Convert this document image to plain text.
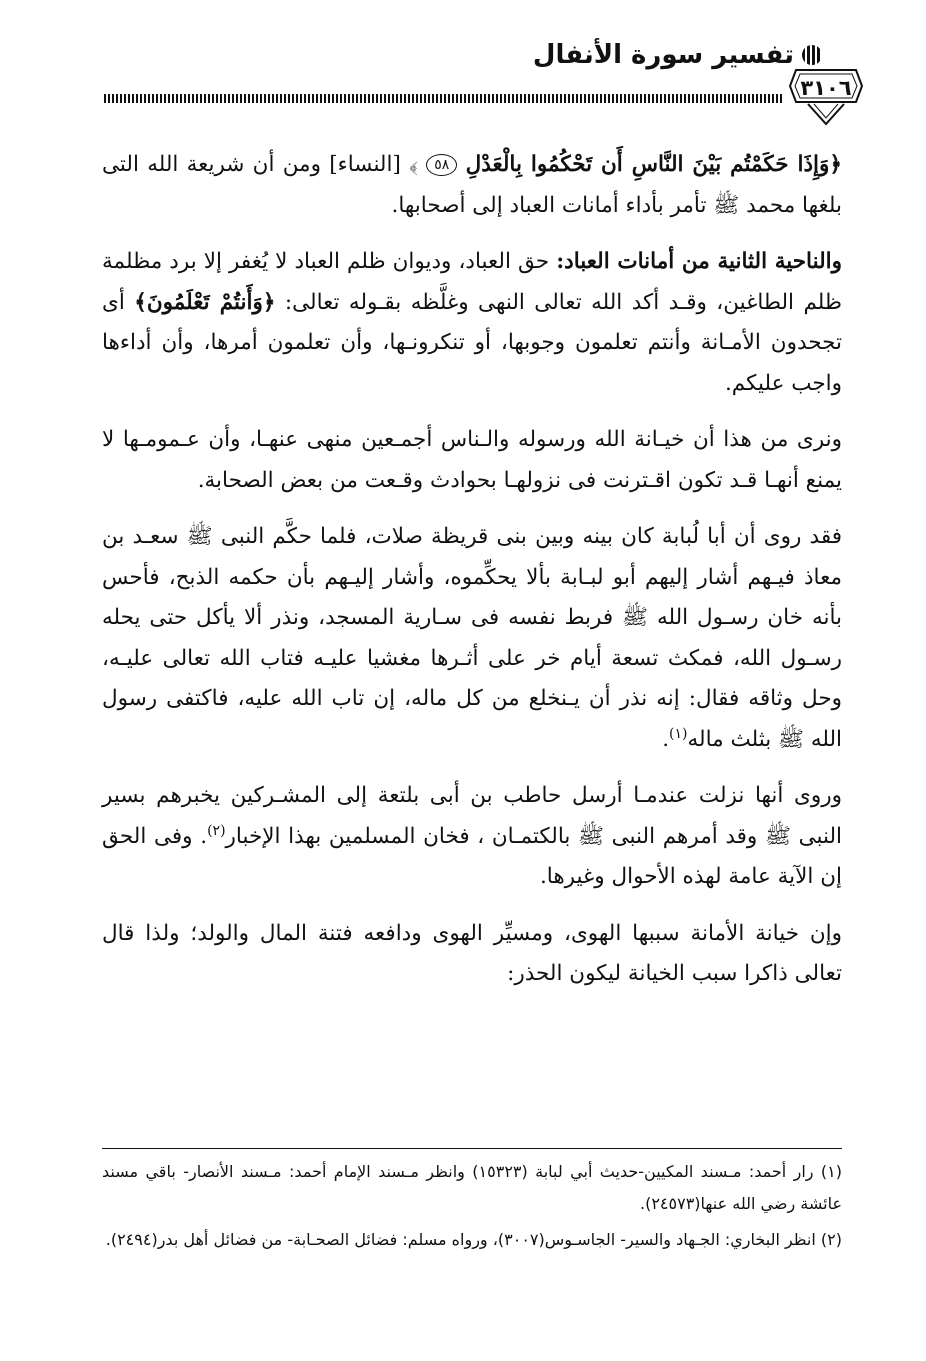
تفسير سورة الأنفال
٣١٠٦

﴿وَإِذَا حَكَمْتُم بَيْنَ النَّاسِ أَن تَحْكُمُوا بِالْعَدْلِ ٥٨ ﴾ [النساء] ومن أن شريعة الله التى بلغها محمد ﷺ تأمر بأداء أمانات العباد إلى أصحابها.

والناحية الثانية من أمانات العباد: حق العباد، وديوان ظلم العباد لا يُغفر إلا برد مظلمة ظلم الطاغين، وقـد أكد الله تعالى النهى وغلَّظه بقـوله تعالى: ﴿وَأَنتُمْ تَعْلَمُونَ﴾ أى تجحدون الأمـانة وأنتم تعلمون وجوبها، أو تنكرونـها، وأن تعلمون أمرها، وأن أداءها واجب عليكم.

ونرى من هذا أن خيـانة الله ورسوله والـناس أجمـعين منهى عنهـا، وأن عـمومـها لا يمنع أنهـا قـد تكون اقـترنت فى نزولهـا بحوادث وقـعت من بعض الصحابة.

فقد روى أن أبا لُبابة كان بينه وبين بنى قريظة صلات، فلما حكَّم النبى ﷺ سعـد بن معاذ فيـهم أشار إليهم أبو لبـابة بألا يحكِّموه، وأشار إليـهم بأن حكمه الذبح، فأحس بأنه خان رسـول الله ﷺ فربط نفسه فى سـارية المسجد، ونذر ألا يأكل حتى يحله رسـول الله، فمكث تسعة أيام خر على أثـرها مغشيا عليـه فتاب الله تعالى عليـه، وحل وثاقه فقال: إنه نذر أن يـنخلع من كل ماله، إن تاب الله عليه، فاكتفى رسول الله ﷺ بثلث ماله$^{(١)}$.

وروى أنها نزلت عندمـا أرسل حاطب بن أبى بلتعة إلى المشـركين يخبرهم بسير النبى ﷺ وقد أمرهم النبى ﷺ بالكتمـان ، فخان المسلمين بهذا الإخبار$^{(٢)}$. وفى الحق إن الآية عامة لهذه الأحوال وغيرها.

وإن خيانة الأمانة سببها الهوى، ومسيِّر الهوى ودافعه فتنة المال والولد؛ ولذا قال تعالى ذاكرا سبب الخيانة ليكون الحذر:

(١) رار أحمد: مـسند المكيين-حديث أبي لبابة (١٥٣٢٣) وانظر مـسند الإمام أحمد: مـسند الأنصار- باقي مسند عائشة رضي الله عنها(٢٤٥٧٣).

(٢) انظر البخاري: الجـهاد والسير- الجاسـوس(٣٠٠٧)، ورواه مسلم: فضائل الصحـابة- من فضائل أهل بدر(٢٤٩٤).
